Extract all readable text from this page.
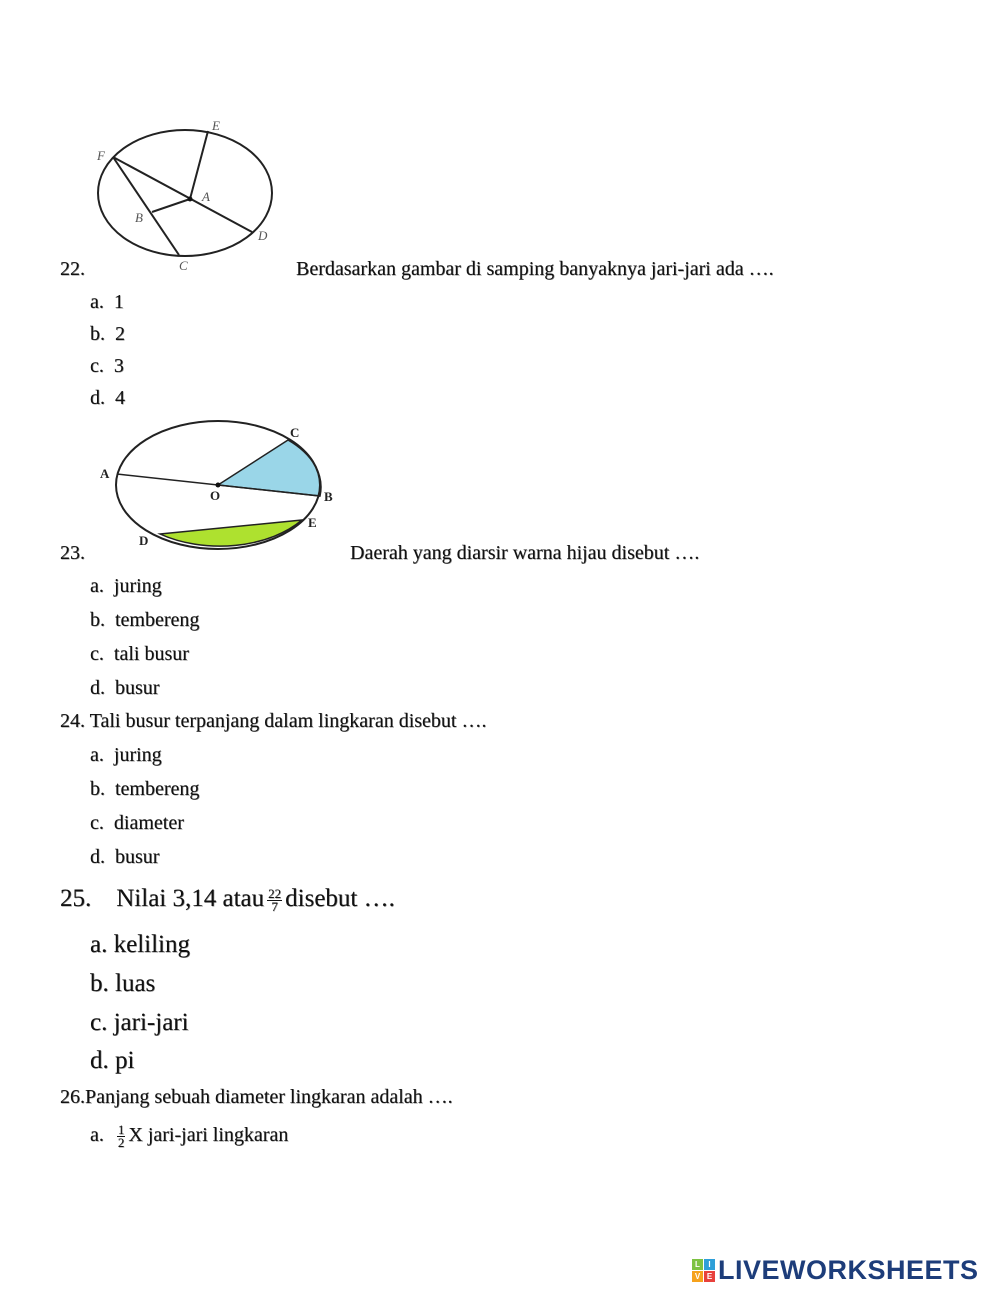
E
F
A
B
C
D
22.	Berdasarkan gambar di samping banyaknya jari-jari ada ….
a. 1
b. 2
c. 3
d. 4
A
O	B
C
E
D
23.	Daerah yang diarsir warna hijau disebut ….
a. juring
b. tembereng
c. tali busur
d. busur
24. Tali busur terpanjang dalam lingkaran disebut ….
a. juring
b. tembereng
c. diameter
d. busur
25. Nilai 3,14 atau $\frac{22}{7}$ disebut ….
a. keliling
b. luas
c. jari-jari
d. pi
26.Panjang sebuah diameter lingkaran adalah ….
a. $\frac{1}{2}$ X jari-jari lingkaran
L	I
V E LIVEWORKSHEETS
